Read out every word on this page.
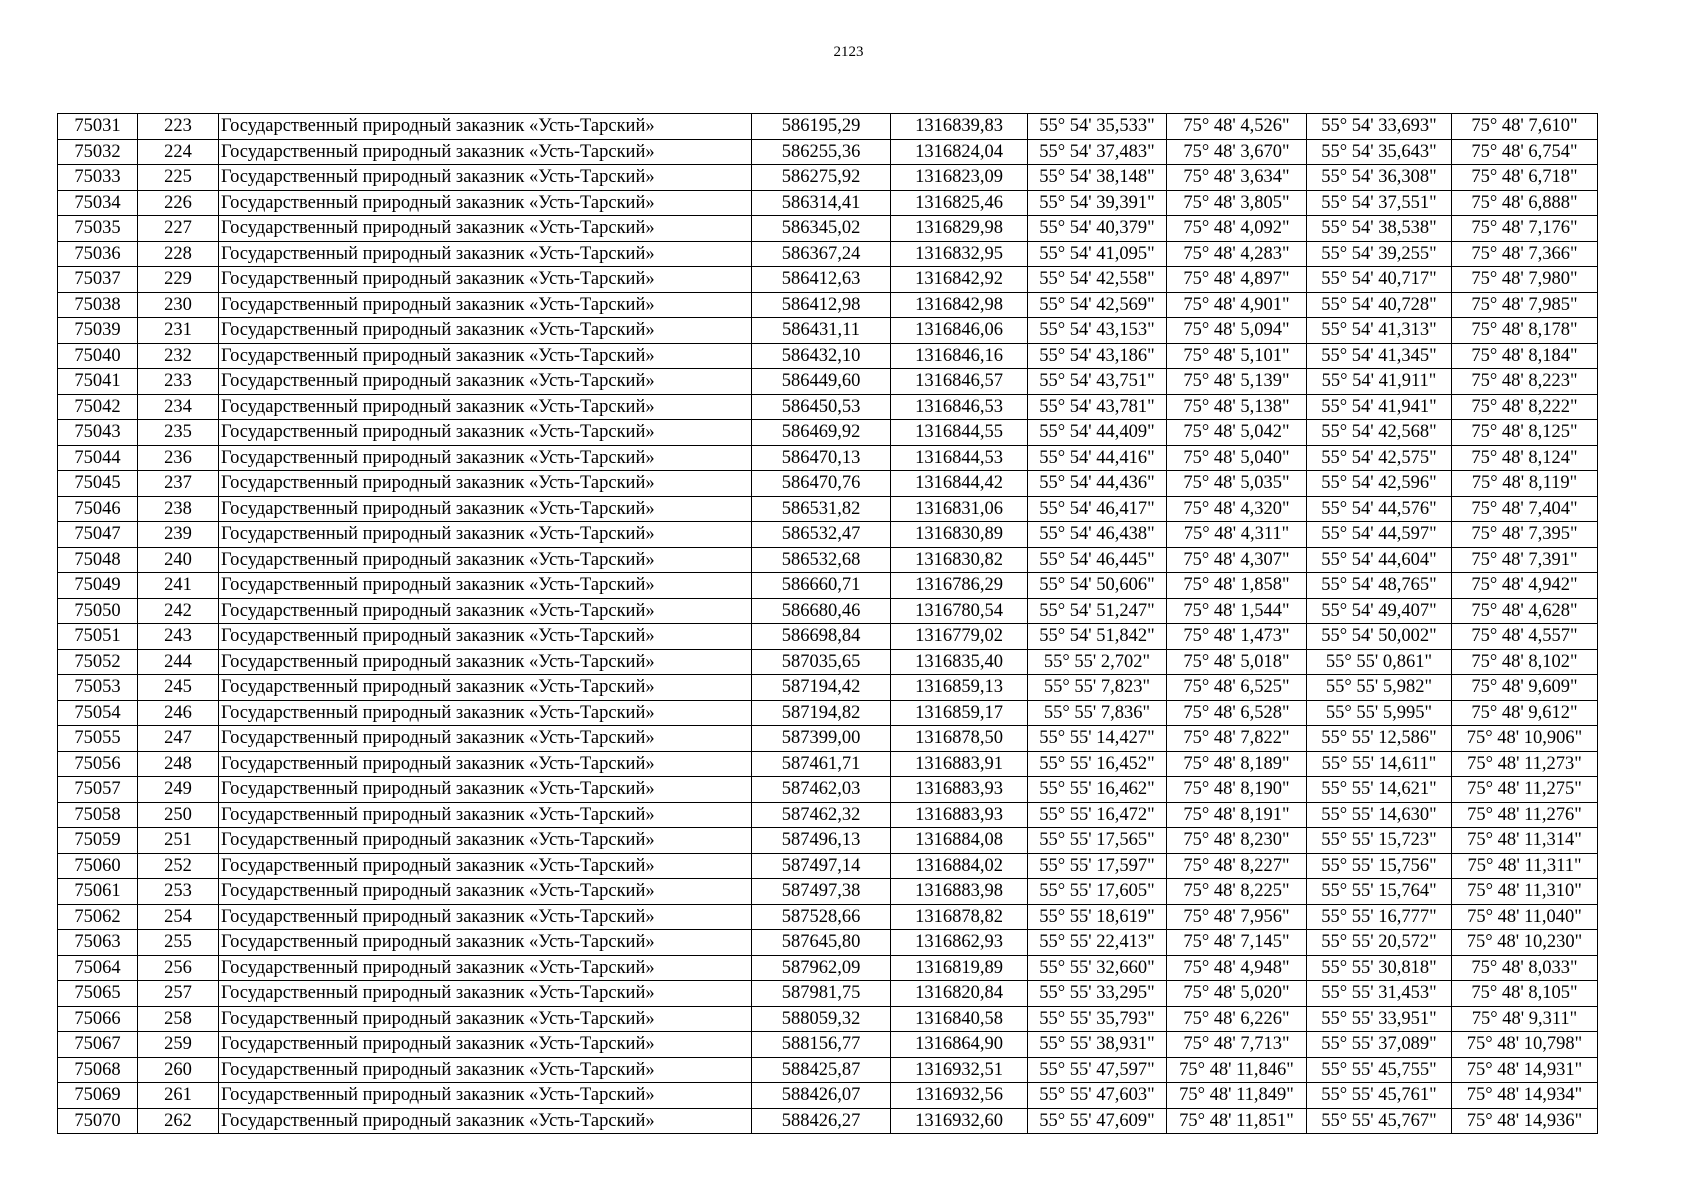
2123
75031	223	Государственный природный заказник «Усть-Тарский»	586195,29	1316839,83	55° 54' 35,533"	75° 48' 4,526"	55° 54' 33,693"	75° 48' 7,610"
75032	224	Государственный природный заказник «Усть-Тарский»	586255,36	1316824,04	55° 54' 37,483"	75° 48' 3,670"	55° 54' 35,643"	75° 48' 6,754"
75033	225	Государственный природный заказник «Усть-Тарский»	586275,92	1316823,09	55° 54' 38,148"	75° 48' 3,634"	55° 54' 36,308"	75° 48' 6,718"
75034	226	Государственный природный заказник «Усть-Тарский»	586314,41	1316825,46	55° 54' 39,391"	75° 48' 3,805"	55° 54' 37,551"	75° 48' 6,888"
75035	227	Государственный природный заказник «Усть-Тарский»	586345,02	1316829,98	55° 54' 40,379"	75° 48' 4,092"	55° 54' 38,538"	75° 48' 7,176"
75036	228	Государственный природный заказник «Усть-Тарский»	586367,24	1316832,95	55° 54' 41,095"	75° 48' 4,283"	55° 54' 39,255"	75° 48' 7,366"
75037	229	Государственный природный заказник «Усть-Тарский»	586412,63	1316842,92	55° 54' 42,558"	75° 48' 4,897"	55° 54' 40,717"	75° 48' 7,980"
75038	230	Государственный природный заказник «Усть-Тарский»	586412,98	1316842,98	55° 54' 42,569"	75° 48' 4,901"	55° 54' 40,728"	75° 48' 7,985"
75039	231	Государственный природный заказник «Усть-Тарский»	586431,11	1316846,06	55° 54' 43,153"	75° 48' 5,094"	55° 54' 41,313"	75° 48' 8,178"
75040	232	Государственный природный заказник «Усть-Тарский»	586432,10	1316846,16	55° 54' 43,186"	75° 48' 5,101"	55° 54' 41,345"	75° 48' 8,184"
75041	233	Государственный природный заказник «Усть-Тарский»	586449,60	1316846,57	55° 54' 43,751"	75° 48' 5,139"	55° 54' 41,911"	75° 48' 8,223"
75042	234	Государственный природный заказник «Усть-Тарский»	586450,53	1316846,53	55° 54' 43,781"	75° 48' 5,138"	55° 54' 41,941"	75° 48' 8,222"
75043	235	Государственный природный заказник «Усть-Тарский»	586469,92	1316844,55	55° 54' 44,409"	75° 48' 5,042"	55° 54' 42,568"	75° 48' 8,125"
75044	236	Государственный природный заказник «Усть-Тарский»	586470,13	1316844,53	55° 54' 44,416"	75° 48' 5,040"	55° 54' 42,575"	75° 48' 8,124"
75045	237	Государственный природный заказник «Усть-Тарский»	586470,76	1316844,42	55° 54' 44,436"	75° 48' 5,035"	55° 54' 42,596"	75° 48' 8,119"
75046	238	Государственный природный заказник «Усть-Тарский»	586531,82	1316831,06	55° 54' 46,417"	75° 48' 4,320"	55° 54' 44,576"	75° 48' 7,404"
75047	239	Государственный природный заказник «Усть-Тарский»	586532,47	1316830,89	55° 54' 46,438"	75° 48' 4,311"	55° 54' 44,597"	75° 48' 7,395"
75048	240	Государственный природный заказник «Усть-Тарский»	586532,68	1316830,82	55° 54' 46,445"	75° 48' 4,307"	55° 54' 44,604"	75° 48' 7,391"
75049	241	Государственный природный заказник «Усть-Тарский»	586660,71	1316786,29	55° 54' 50,606"	75° 48' 1,858"	55° 54' 48,765"	75° 48' 4,942"
75050	242	Государственный природный заказник «Усть-Тарский»	586680,46	1316780,54	55° 54' 51,247"	75° 48' 1,544"	55° 54' 49,407"	75° 48' 4,628"
75051	243	Государственный природный заказник «Усть-Тарский»	586698,84	1316779,02	55° 54' 51,842"	75° 48' 1,473"	55° 54' 50,002"	75° 48' 4,557"
75052	244	Государственный природный заказник «Усть-Тарский»	587035,65	1316835,40	55° 55' 2,702"	75° 48' 5,018"	55° 55' 0,861"	75° 48' 8,102"
75053	245	Государственный природный заказник «Усть-Тарский»	587194,42	1316859,13	55° 55' 7,823"	75° 48' 6,525"	55° 55' 5,982"	75° 48' 9,609"
75054	246	Государственный природный заказник «Усть-Тарский»	587194,82	1316859,17	55° 55' 7,836"	75° 48' 6,528"	55° 55' 5,995"	75° 48' 9,612"
75055	247	Государственный природный заказник «Усть-Тарский»	587399,00	1316878,50	55° 55' 14,427"	75° 48' 7,822"	55° 55' 12,586"	75° 48' 10,906"
75056	248	Государственный природный заказник «Усть-Тарский»	587461,71	1316883,91	55° 55' 16,452"	75° 48' 8,189"	55° 55' 14,611"	75° 48' 11,273"
75057	249	Государственный природный заказник «Усть-Тарский»	587462,03	1316883,93	55° 55' 16,462"	75° 48' 8,190"	55° 55' 14,621"	75° 48' 11,275"
75058	250	Государственный природный заказник «Усть-Тарский»	587462,32	1316883,93	55° 55' 16,472"	75° 48' 8,191"	55° 55' 14,630"	75° 48' 11,276"
75059	251	Государственный природный заказник «Усть-Тарский»	587496,13	1316884,08	55° 55' 17,565"	75° 48' 8,230"	55° 55' 15,723"	75° 48' 11,314"
75060	252	Государственный природный заказник «Усть-Тарский»	587497,14	1316884,02	55° 55' 17,597"	75° 48' 8,227"	55° 55' 15,756"	75° 48' 11,311"
75061	253	Государственный природный заказник «Усть-Тарский»	587497,38	1316883,98	55° 55' 17,605"	75° 48' 8,225"	55° 55' 15,764"	75° 48' 11,310"
75062	254	Государственный природный заказник «Усть-Тарский»	587528,66	1316878,82	55° 55' 18,619"	75° 48' 7,956"	55° 55' 16,777"	75° 48' 11,040"
75063	255	Государственный природный заказник «Усть-Тарский»	587645,80	1316862,93	55° 55' 22,413"	75° 48' 7,145"	55° 55' 20,572"	75° 48' 10,230"
75064	256	Государственный природный заказник «Усть-Тарский»	587962,09	1316819,89	55° 55' 32,660"	75° 48' 4,948"	55° 55' 30,818"	75° 48' 8,033"
75065	257	Государственный природный заказник «Усть-Тарский»	587981,75	1316820,84	55° 55' 33,295"	75° 48' 5,020"	55° 55' 31,453"	75° 48' 8,105"
75066	258	Государственный природный заказник «Усть-Тарский»	588059,32	1316840,58	55° 55' 35,793"	75° 48' 6,226"	55° 55' 33,951"	75° 48' 9,311"
75067	259	Государственный природный заказник «Усть-Тарский»	588156,77	1316864,90	55° 55' 38,931"	75° 48' 7,713"	55° 55' 37,089"	75° 48' 10,798"
75068	260	Государственный природный заказник «Усть-Тарский»	588425,87	1316932,51	55° 55' 47,597"	75° 48' 11,846"	55° 55' 45,755"	75° 48' 14,931"
75069	261	Государственный природный заказник «Усть-Тарский»	588426,07	1316932,56	55° 55' 47,603"	75° 48' 11,849"	55° 55' 45,761"	75° 48' 14,934"
75070	262	Государственный природный заказник «Усть-Тарский»	588426,27	1316932,60	55° 55' 47,609"	75° 48' 11,851"	55° 55' 45,767"	75° 48' 14,936"
